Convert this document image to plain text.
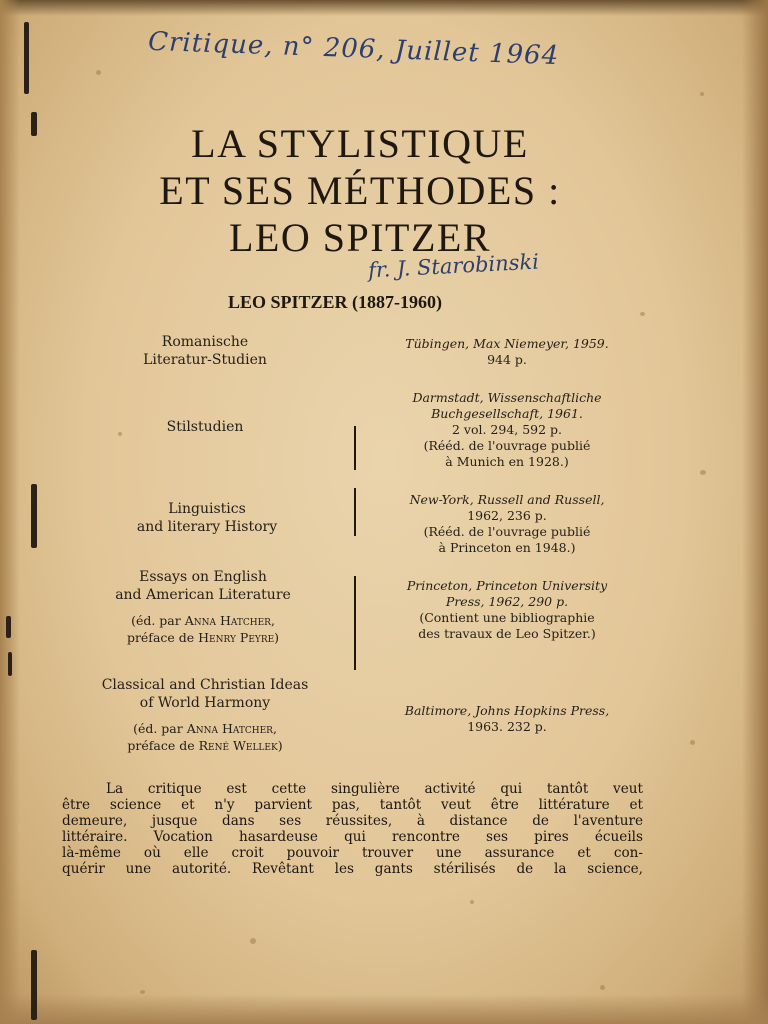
Critique, n° 206, Juillet 1964

fr. J. Starobinski

LA STYLISTIQUE
ET SES MÉTHODES :
LEO SPITZER

LEO SPITZER (1887-1960)

Romanische
Literatur-Studien

Tübingen, Max Niemeyer, 1959.
944 p.

Stilstudien

Darmstadt, Wissenschaftliche
Buchgesellschaft, 1961.
2 vol. 294, 592 p.
(Rééd. de l'ouvrage publié
à Munich en 1928.)

Linguistics
and literary History

New-York, Russell and Russell,
1962, 236 p.
(Rééd. de l'ouvrage publié
à Princeton en 1948.)

Essays on English
and American Literature
(éd. par Anna Hatcher,
préface de Henry Peyre)

Princeton, Princeton University
Press, 1962, 290 p.
(Contient une bibliographie
des travaux de Leo Spitzer.)

Classical and Christian Ideas
of World Harmony
(éd. par Anna Hatcher,
préface de René Wellek)

Baltimore, Johns Hopkins Press,
1963. 232 p.

La critique est cette singulière activité qui tantôt veut
être science et n'y parvient pas, tantôt veut être littérature et
demeure, jusque dans ses réussites, à distance de l'aventure
littéraire. Vocation hasardeuse qui rencontre ses pires écueils
là-même où elle croit pouvoir trouver une assurance et con-
quérir une autorité. Revêtant les gants stérilisés de la science,
